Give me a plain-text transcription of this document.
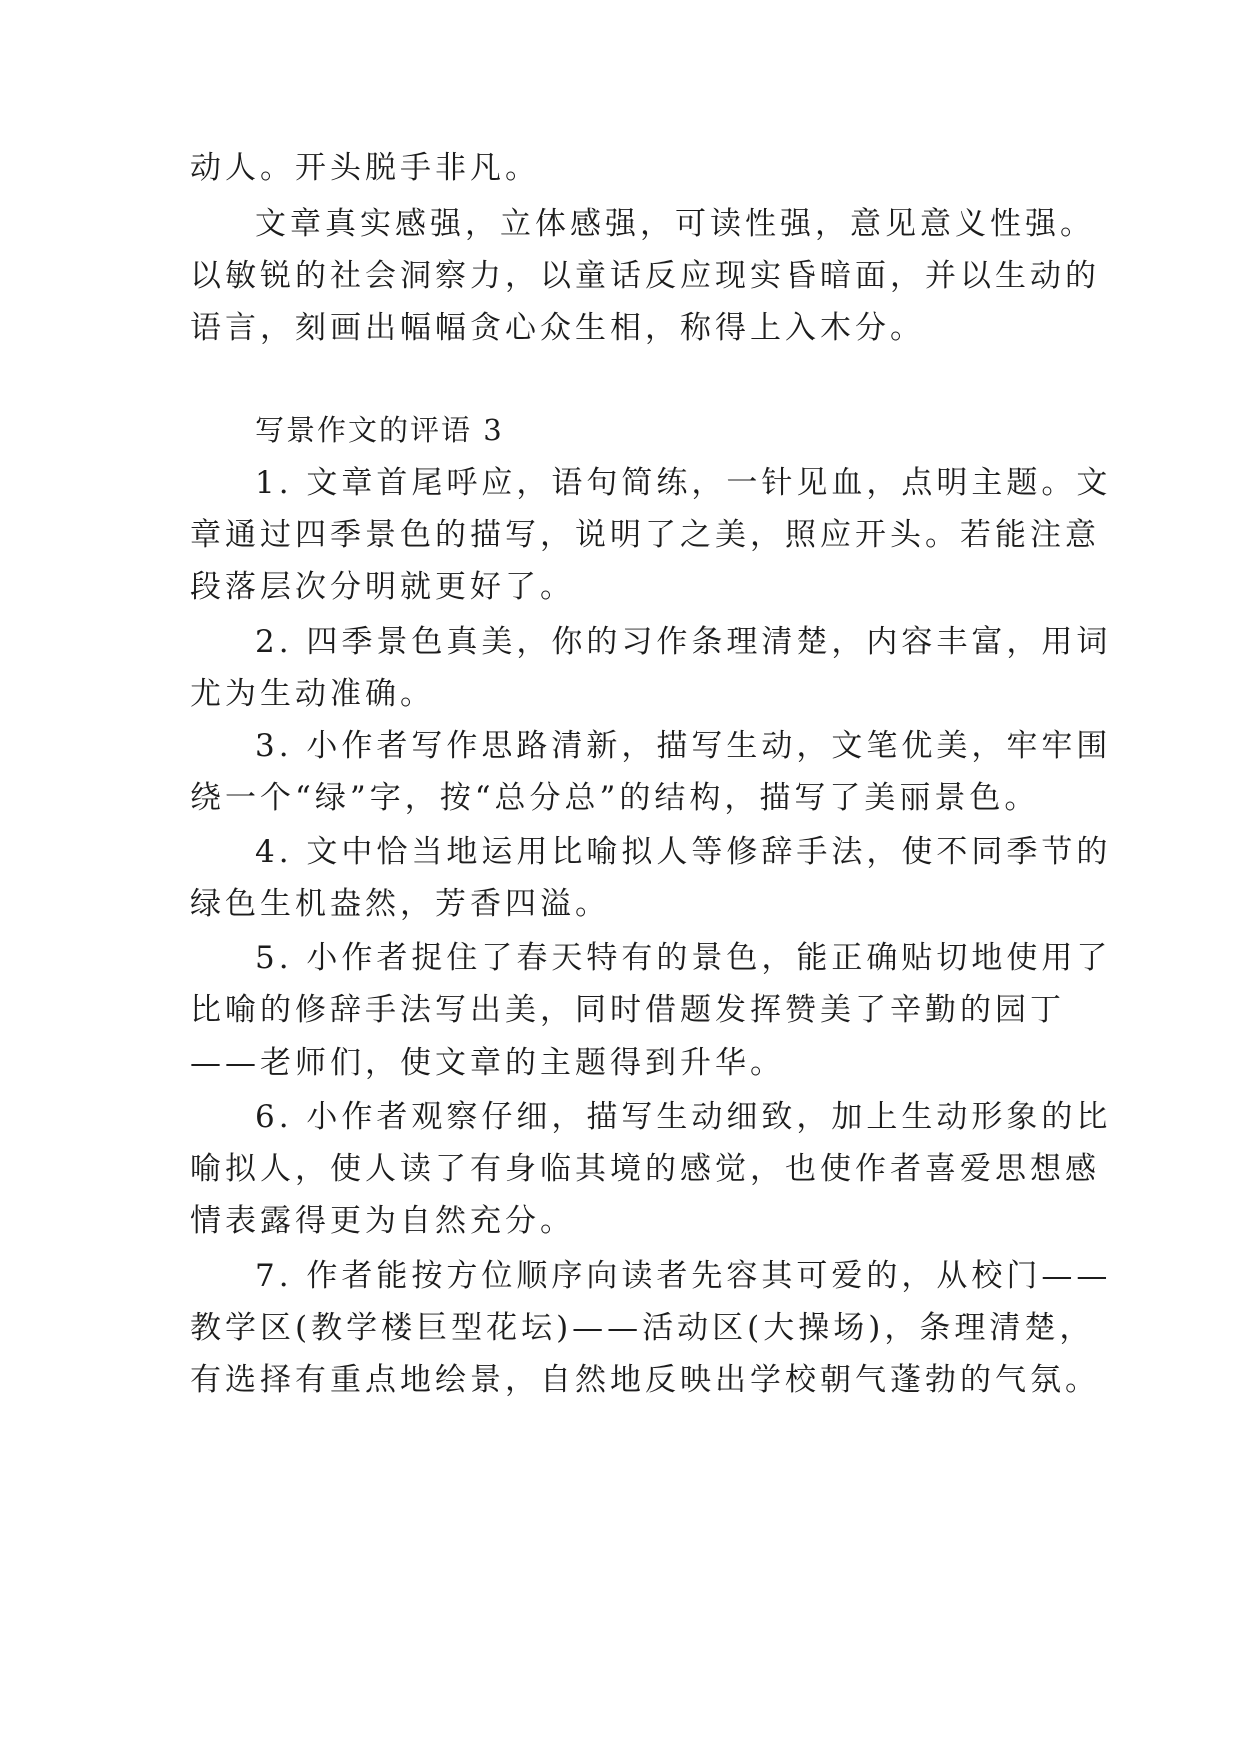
动人。开头脱手非凡。
文章真实感强，立体感强，可读性强，意见意义性强。
以敏锐的社会洞察力，以童话反应现实昏暗面，并以生动的
语言，刻画出幅幅贪心众生相，称得上入木分。
写景作文的评语 3
1. 文章首尾呼应，语句简练，一针见血，点明主题。文
章通过四季景色的描写，说明了之美，照应开头。若能注意
段落层次分明就更好了。
2. 四季景色真美，你的习作条理清楚，内容丰富，用词
尤为生动准确。
3. 小作者写作思路清新，描写生动，文笔优美，牢牢围
绕一个“绿”字，按“总分总”的结构，描写了美丽景色。
4. 文中恰当地运用比喻拟人等修辞手法，使不同季节的
绿色生机盎然，芳香四溢。
5. 小作者捉住了春天特有的景色，能正确贴切地使用了
比喻的修辞手法写出美，同时借题发挥赞美了辛勤的园丁
——老师们，使文章的主题得到升华。
6. 小作者观察仔细，描写生动细致，加上生动形象的比
喻拟人，使人读了有身临其境的感觉，也使作者喜爱思想感
情表露得更为自然充分。
7. 作者能按方位顺序向读者先容其可爱的，从校门——
教学区(教学楼巨型花坛)——活动区(大操场)，条理清楚，
有选择有重点地绘景，自然地反映出学校朝气蓬勃的气氛。
